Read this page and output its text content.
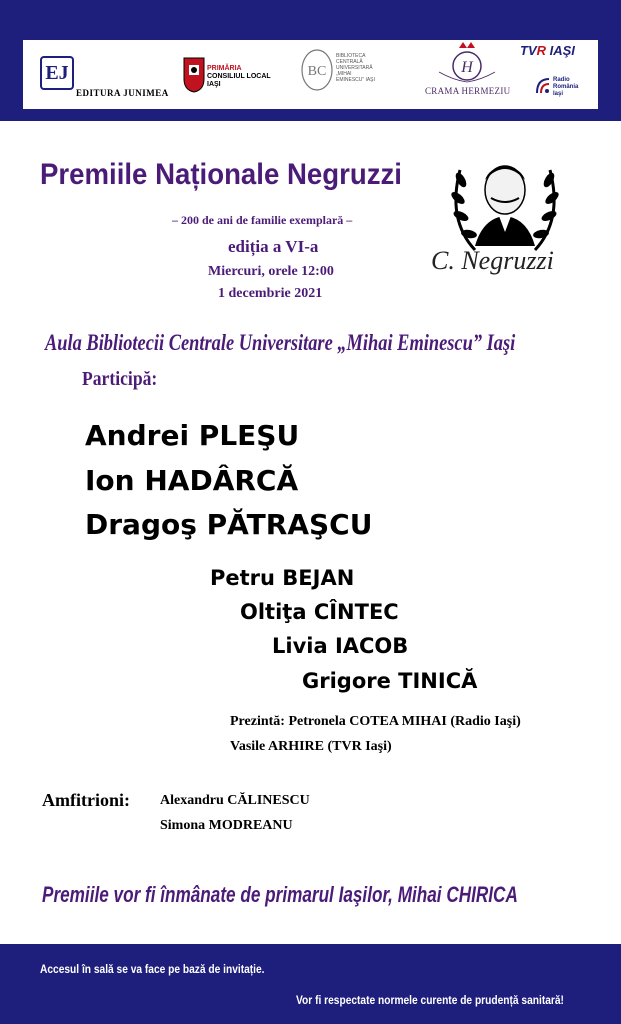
EJ
EDITURA JUNIMEA
PRIMĂRIA
CONSILIUL LOCAL
IAŞI
BC
BIBLIOTECA CENTRALĂ UNIVERSITARĂ „MIHAI EMINESCU” IAŞI
H
CRAMA HERMEZIU
TVR IAŞI
Radio
România
Iaşi
Premiile Naționale Negruzzi
– 200 de ani de familie exemplară –
ediția a VI-a
Miercuri, orele 12:00
1 decembrie 2021
C. Negruzzi
Aula Bibliotecii Centrale Universitare „Mihai Eminescu” Iaşi
Participă:
Andrei PLEŞU
Ion HADÂRCĂ
Dragoş PĂTRAŞCU
Petru BEJAN
Oltiţa CÎNTEC
Livia IACOB
Grigore TINICĂ
Prezintă: Petronela COTEA MIHAI (Radio Iaşi)
Vasile ARHIRE (TVR Iaşi)
Amfitrioni: Alexandru CĂLINESCU
Simona MODREANU
Premiile vor fi înmânate de primarul Iaşilor, Mihai CHIRICA
Accesul în sală se va face pe bază de invitație.
Vor fi respectate normele curente de prudență sanitară!
